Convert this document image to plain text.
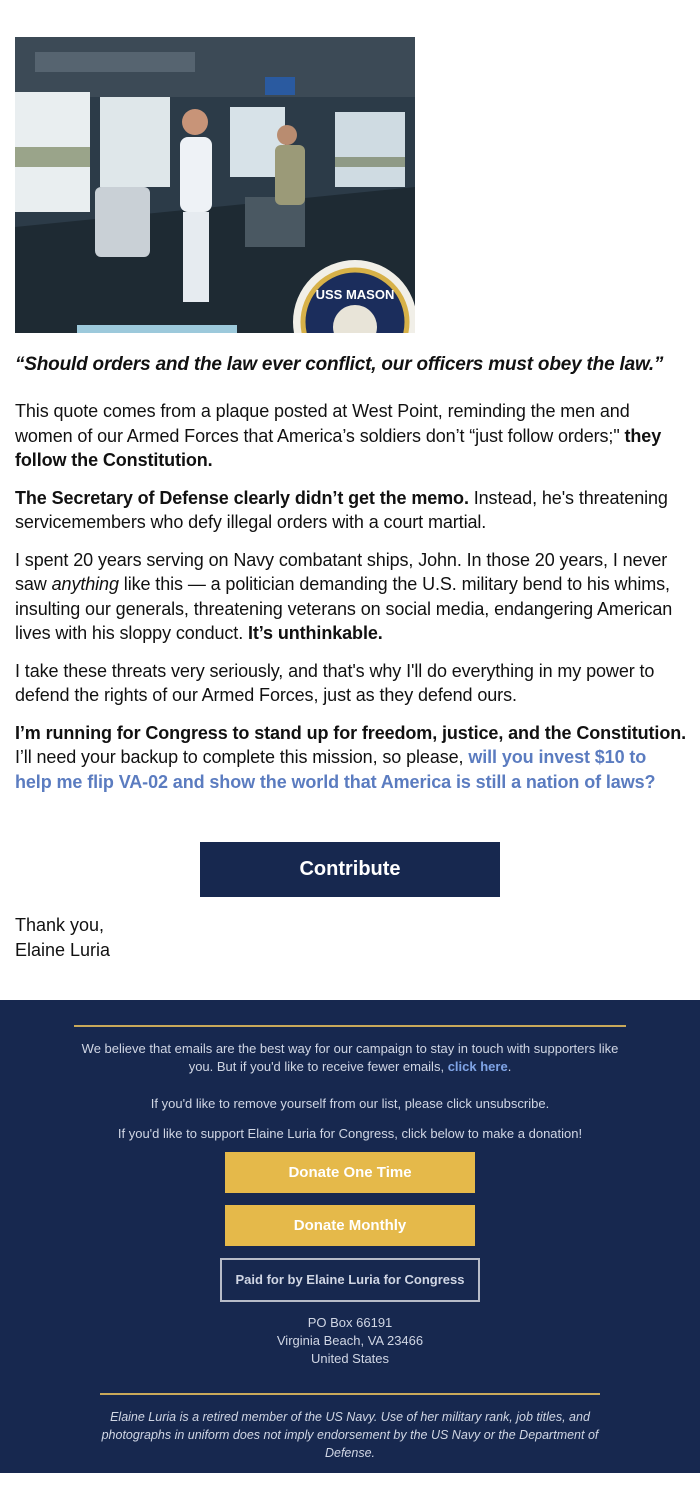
USS MASON

“Should orders and the law ever conflict, our officers must obey the law.”

This quote comes from a plaque posted at West Point, reminding the men and women of our Armed Forces that America’s soldiers don’t “just follow orders;" they follow the Constitution.

The Secretary of Defense clearly didn’t get the memo. Instead, he's threatening servicemembers who defy illegal orders with a court martial.

I spent 20 years serving on Navy combatant ships, John. In those 20 years, I never saw anything like this — a politician demanding the U.S. military bend to his whims, insulting our generals, threatening veterans on social media, endangering American lives with his sloppy conduct. It’s unthinkable.

I take these threats very seriously, and that's why I'll do everything in my power to defend the rights of our Armed Forces, just as they defend ours.

I’m running for Congress to stand up for freedom, justice, and the Constitution. I’ll need your backup to complete this mission, so please, will you invest $10 to help me flip VA-02 and show the world that America is still a nation of laws?

Contribute
Thank you,
Elaine Luria

We believe that emails are the best way for our campaign to stay in touch with supporters like you. But if you'd like to receive fewer emails, click here.

If you'd like to remove yourself from our list, please click unsubscribe.

If you'd like to support Elaine Luria for Congress, click below to make a donation!

Donate One Time
Donate Monthly
Paid for by Elaine Luria for Congress
PO Box 66191
Virginia Beach, VA 23466
United States

Elaine Luria is a retired member of the US Navy. Use of her military rank, job titles, and photographs in uniform does not imply endorsement by the US Navy or the Department of Defense.
